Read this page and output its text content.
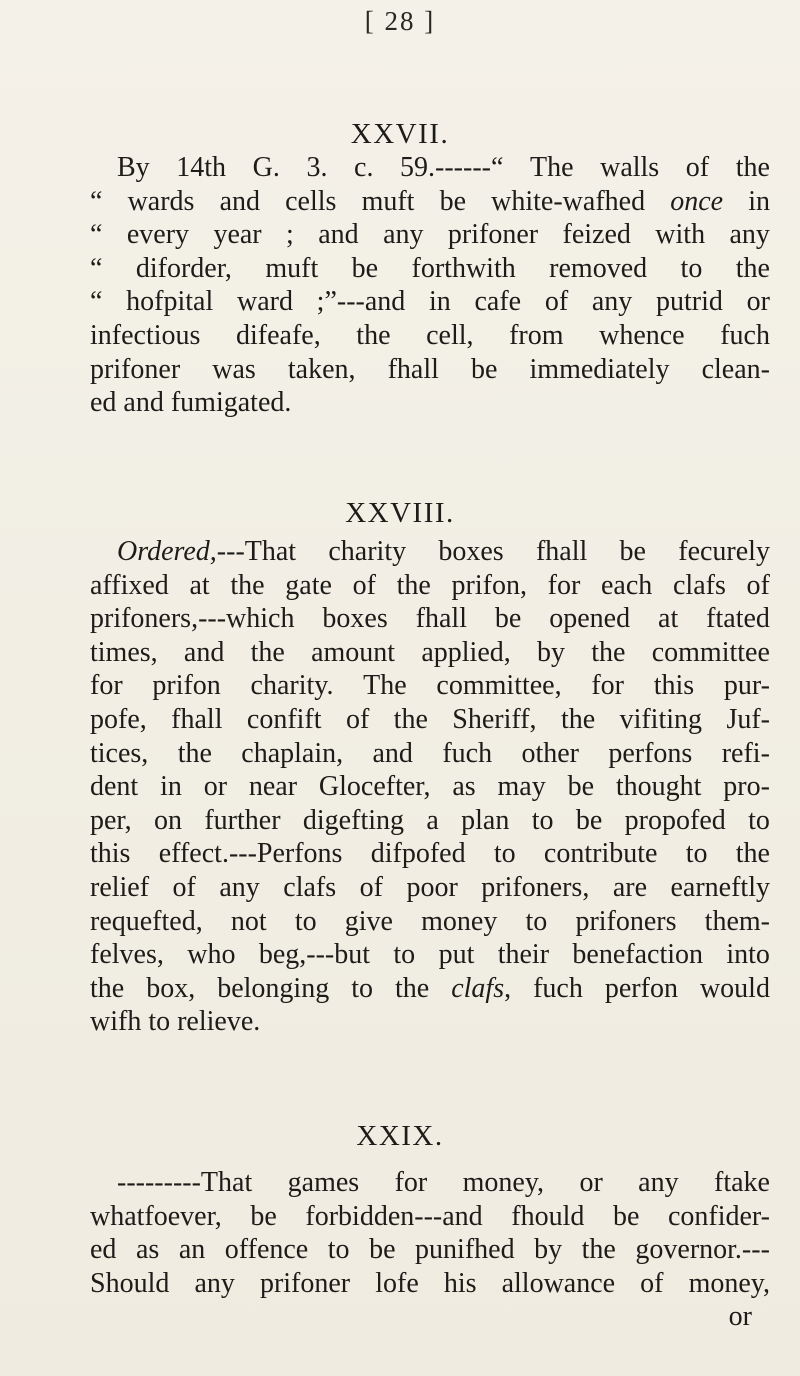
[ 28 ]
XXVII.
By 14th G. 3. c. 59.------“ The walls of the
“ wards and cells muft be white-wafhed once in
“ every year ; and any prifoner feized with any
“ diforder, muft be forthwith removed to the
“ hofpital ward ;”---and in cafe of any putrid or
infectious difeafe, the cell, from whence fuch
prifoner was taken, fhall be immediately clean-
ed and fumigated.
XXVIII.
Ordered,---That charity boxes fhall be fecurely
affixed at the gate of the prifon, for each clafs of
prifoners,---which boxes fhall be opened at ftated
times, and the amount applied, by the committee
for prifon charity. The committee, for this pur-
pofe, fhall confift of the Sheriff, the vifiting Juf-
tices, the chaplain, and fuch other perfons refi-
dent in or near Glocefter, as may be thought pro-
per, on further digefting a plan to be propofed to
this effect.---Perfons difpofed to contribute to the
relief of any clafs of poor prifoners, are earneftly
requefted, not to give money to prifoners them-
felves, who beg,---but to put their benefaction into
the box, belonging to the clafs, fuch perfon would
wifh to relieve.
XXIX.
---------That games for money, or any ftake
whatfoever, be forbidden---and fhould be confider-
ed as an offence to be punifhed by the governor.---
Should any prifoner lofe his allowance of money,
or
